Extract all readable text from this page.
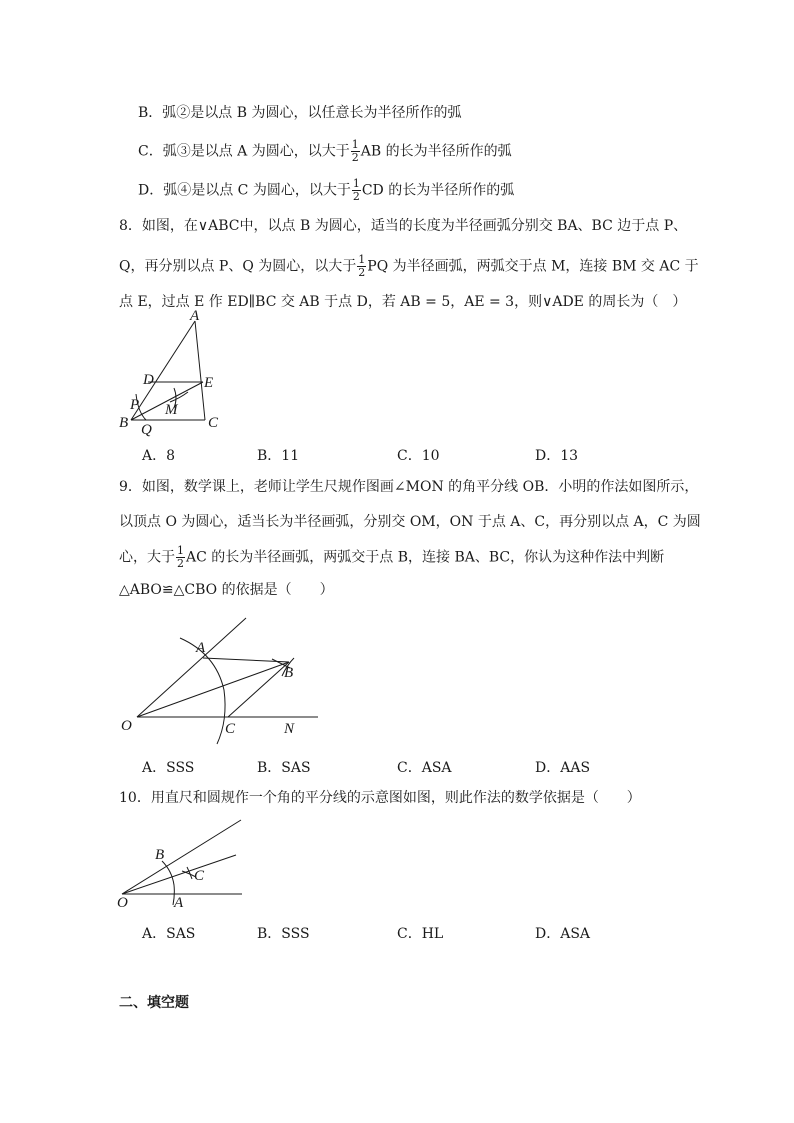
B．弧②是以点 B 为圆心，以任意长为半径所作的弧
C．弧③是以点 A 为圆心，以大于 $\frac{1}{2}$ AB 的长为半径所作的弧
D．弧④是以点 C 为圆心，以大于 $\frac{1}{2}$ CD 的长为半径所作的弧
8．如图，在∨ABC中，以点 B 为圆心，适当的长度为半径画弧分别交 BA、BC 边于点 P、
Q，再分别以点 P、Q 为圆心，以大于 $\frac{1}{2}$ PQ 为半径画弧，两弧交于点 M，连接 BM 交 AC 于
点 E，过点 E 作 ED∥BC 交 AB 于点 D，若 AB = 5，AE = 3，则∨ADE 的周长为（　）
A
D	E
P M
B Q	C
A．8	B．11	C．10	D．13
9．如图，数学课上，老师让学生尺规作图画∠MON 的角平分线 OB．小明的作法如图所示，
以顶点 O 为圆心，适当长为半径画弧，分别交 OM，ON 于点 A、C，再分别以点 A，C 为圆
心，大于 $\frac{1}{2}$ AC 的长为半径画弧，两弧交于点 B，连接 BA、BC，你认为这种作法中判断
△ABO≌△CBO 的依据是（　　）
A
B
O	C	N
A．SSS	B．SAS	C．ASA	D．AAS
10．用直尺和圆规作一个角的平分线的示意图如图，则此作法的数学依据是（　　）
B
C
O	A
A．SAS	B．SSS	C．HL	D．ASA
二、填空题
